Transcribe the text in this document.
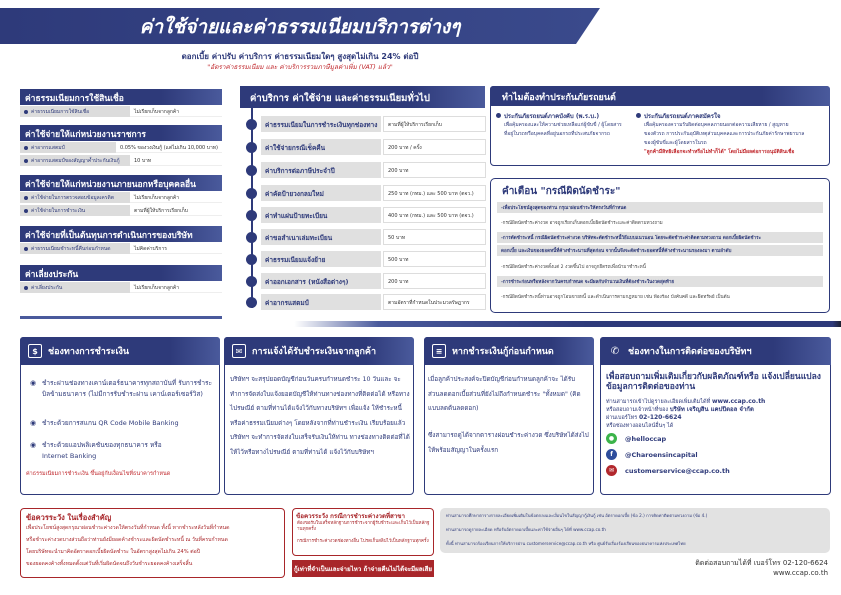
ค่าใช้จ่ายและค่าธรรมเนียมบริการต่างๆ
ดอกเบี้ย ค่าปรับ ค่าบริการ ค่าธรรมเนียมใดๆ สูงสุดไม่เกิน 24% ต่อปี
"อัตราค่าธรรมเนียม และ ค่าบริการรวมภาษีมูลค่าเพิ่ม (VAT) แล้ว"
ค่าธรรมเนียมการใช้สินเชื่อ
ค่าธรรมเนียมการใช้สินเชื่อ	ไม่เรียกเก็บจากลูกค้า
ค่าใช้จ่ายให้แก่หน่วยงานราชการ
ค่าอากรแสตมป์	0.05% ของวงเงินกู้ (แต่ไม่เกิน 10,000 บาท)
ค่าอากรแสตมป์ของสัญญาค้ำประกันเงินกู้	10 บาท
ค่าใช้จ่ายให้แก่หน่วยงานภายนอกหรือบุคคลอื่น
ค่าใช้จ่ายในการตรวจสอบข้อมูลเครดิต	ไม่เรียกเก็บจากลูกค้า
ค่าใช้จ่ายในการชำระเงิน	ตามที่ผู้ให้บริการเรียกเก็บ
ค่าใช้จ่ายที่เป็นต้นทุนการดำเนินการของบริษัท
ค่าธรรมเนียมชำระหนี้คืนก่อนกำหนด	ไม่คิดค่าบริการ
ค่าเลี่ยงประกัน
ค่าเลี่ยงประกัน	ไม่เรียกเก็บจากลูกค้า
ค่าบริการ ค่าใช้จ่าย และค่าธรรมเนียมทั่วไป
ค่าธรรมเนียมในการชำระเงินทุกช่องทาง	ตามที่ผู้ให้บริการเรียกเก็บ
ค่าใช้จ่ายกรณีเช็คคืน	200 บาท / ครั้ง
ค่าบริการต่อภาษีประจำปี	200 บาท
ค่าคัดป้ายวงกลมใหม่	250 บาท (กทม.) และ 500 บาท (ตจว.)
ค่าทำแผ่นป้ายทะเบียน	400 บาท (กทม.) และ 500 บาท (ตจว.)
ค่าขอสำเนาเล่มทะเบียน	50 บาท
ค่าธรรมเนียมแจ้งย้าย	500 บาท
ค่าออกเอกสาร (หนังสือต่างๆ)	200 บาท
ค่าอากรแสตมป์	ตามอัตราที่กำหนดในประมวลรัษฎากร
ทำไมต้องทำประกันภัยรถยนต์
ประกันภัยรถยนต์ภาคบังคับ (พ.ร.บ.)
เพื่อคุ้มครองและให้ความช่วยเหลือแก่ผู้ขับขี่ / ผู้โดยสาร
ที่อยู่ในรถหรือบุคคลที่อยู่นอกรถที่ประสบภัยจากรถ
ประกันภัยรถยนต์ภาคสมัครใจ
เพื่อคุ้มครองความรับผิดต่อบุคคลภายนอกต่อความเสียหาย / สูญหาย
ของตัวรถ การประกันอุบัติเหตุส่วนบุคคลและการประกันภัยค่ารักษาพยาบาล
ของผู้ขับขี่และผู้โดยสารในรถ
"ลูกค้ามีสิทธิเลือกจะทำหรือไม่ทำก็ได้" โดยไม่มีผลต่อการอนุมัติสินเชื่อ
คำเตือน "กรณีผิดนัดชำระ"
-เพื่อประโยชน์สูงสุดของท่าน กรุณาผ่อนชำระให้ตรงวันที่กำหนด
-กรณีผิดนัดชำระค่างวด อาจถูกเรียกเก็บดอกเบี้ยผิดนัดชำระและค่าติดตามทวงถาม
-การตัดชำระหนี้ กรณีผิดนัดชำระค่างวด บริษัทจะตัดชำระหนี้วิธีแบบแนวนอน โดยจะตัดชำระค่าติดตามทวงถาม ดอกเบี้ยผิดนัดชำระ
ดอกเบี้ย และเงินของยอดหนี้ที่ค้างชำระนานที่สุดก่อน จากนั้นจึงจะตัดชำระยอดหนี้ที่ค้างชำระนานรองลงมา ตามลำดับ
-กรณีผิดนัดชำระค่างวดตั้งแต่ 2 งวดขึ้นไป อาจถูกยึดรถเพื่อนำมาชำระหนี้
-การชำระก่อนหรือหลังจากวันครบกำหนด จะมีผลกับจำนวนเงินที่ต้องชำระในงวดสุดท้าย
-กรณีผิดนัดชำระหนี้ท่านอาจถูกโอนขายหนี้ และดำเนินการตามกฎหมาย เช่น ฟ้องร้อง บังคับคดี และยึดทรัพย์ เป็นต้น
$	ช่องทางการชำระเงิน
◉ ชำระผ่านช่องทางเคาน์เตอร์ธนาคารทุกสถาบันที่ รับการชำระบิลข้ามธนาคาร (ไม่มีการรับชำระผ่าน เคาน์เตอร์เซอร์วิส)
◉ ชำระด้วยการสแกน QR Code Mobile Banking
◉ ชำระด้วยแอปพลิเคชันของทุกธนาคาร หรือ Internet Banking
ค่าธรรมเนียมการชำระเงิน ขึ้นอยู่กับเงื่อนไขที่ธนาคารกำหนด
✉	การแจ้งได้รับชำระเงินจากลูกค้า
บริษัทฯ จะสรุปยอดบัญชีก่อนวันครบกำหนดชำระ 10 วันและ จะทำการจัดส่งใบแจ้งยอดบัญชีให้ท่านทางช่องทางที่ติดต่อได้ หรือทางไปรษณีย์ ตามที่ท่านได้แจ้งไว้กับทางบริษัทฯ เพื่อแจ้ง ให้ชำระหนี้หรือค่าธรรมเนียมต่างๆ โดยหลังจากที่ท่านชำระเงิน เรียบร้อยแล้ว บริษัทฯ จะทำการจัดส่งใบเสร็จรับเงินให้ท่าน ทางช่องทางติดต่อที่ได้ให้ไว้หรือทางไปรษณีย์ ตามที่ท่านได้ แจ้งไว้กับบริษัทฯ
≡	หากชำระเงินกู้ก่อนกำหนด
เมื่อลูกค้าประสงค์จะปิดบัญชีก่อนกำหนดลูกค้าจะ ได้รับส่วนลดดอกเบี้ยส่วนที่ยังไม่ถึงกำหนดชำระ "ทั้งหมด" (คิดแบบลดต้นลดดอก)
ซึ่งสามารถดูได้จากตารางผ่อนชำระค่างวด ซึ่งบริษัทได้ส่งไปให้พร้อมสัญญาในครั้งแรก
✆ ช่องทางในการติดต่อของบริษัทฯ
เพื่อสอบถามเพิ่มเติมเกี่ยวกับผลิตภัณฑ์หรือ แจ้งเปลี่ยนแปลงข้อมูลการติดต่อของท่าน
ท่านสามารถเข้าไปดูรายละเอียดเพิ่มเติมได้ที่ www.ccap.co.th
หรือสอบถามเจ้าหน้าที่ของ บริษัท เจริญสิน แคปปิตอล จำกัด
ผ่านเบอร์โทร 02-120-6624
หรือช่องทางออนไลน์อื่นๆ ได้
●	@helloccap
f	@Charoensincapital
✉	customerservice@ccap.co.th
ข้อควรระวัง ในเรื่องสำคัญ
เพื่อประโยชน์สูงสุดกรุณาผ่อนชำระค่างวดให้ตรงวันที่กำหนด ทั้งนี้ หากชำระหลังวันที่กำหนด
หรือชำระค่างวดบางส่วนถือว่าท่านยังมียอดค้างชำระและผิดนัดชำระหนี้ ณ วันที่ครบกำหนด
โดยบริษัทจะนำมาคิดอัตราดอกเบี้ยผิดนัดชำระ ในอัตราสูงสุดไม่เกิน 24% ต่อปี
ของยอดคงค้างทั้งหมดตั้งแต่วันที่เริ่มผิดนัดจนถึงวันชำระยอดคงค้างเสร็จสิ้น
ข้อควรระวัง กรณีการชำระค่างวดที่สาขา
ต้องขอรับใบเสร็จหลักฐานการชำระจากผู้รับชำระและเก็บไว้เป็นหลักฐานทุกครั้ง
กรณีการชำระค่างวดช่องทางอื่น โปรดเก็บสลิปไว้เป็นหลักฐานทุกครั้ง
กู้เท่าที่จำเป็นและจ่ายไหว ถ้าจ่ายคืนไม่ได้จะมีผลเสีย
ท่านสามารถศึกษาตารางรายละเอียดเพิ่มเติมในข้อตกลงและเงื่อนไขในสัญญากู้เงินกู้ เช่น อัตราดอกเบี้ย (ข้อ 2.) การคิดค่าติดตามทวงถาม (ข้อ 4.)
ท่านสามารถดูรายละเอียด หรือรับอัตราดอกเบี้ยและค่าใช้จ่ายอื่นๆ ได้ที่ www.ccap.co.th
ทั้งนี้ ท่านสามารถร้องเรียนการให้บริการผ่าน customerservice@ccap.co.th หรือ ศูนย์รับเรื่องร้องเรียนของธนาคารแห่งประเทศไทย
ติดต่อสอบถามได้ที่ เบอร์โทร 02-120-6624
www.ccap.co.th
